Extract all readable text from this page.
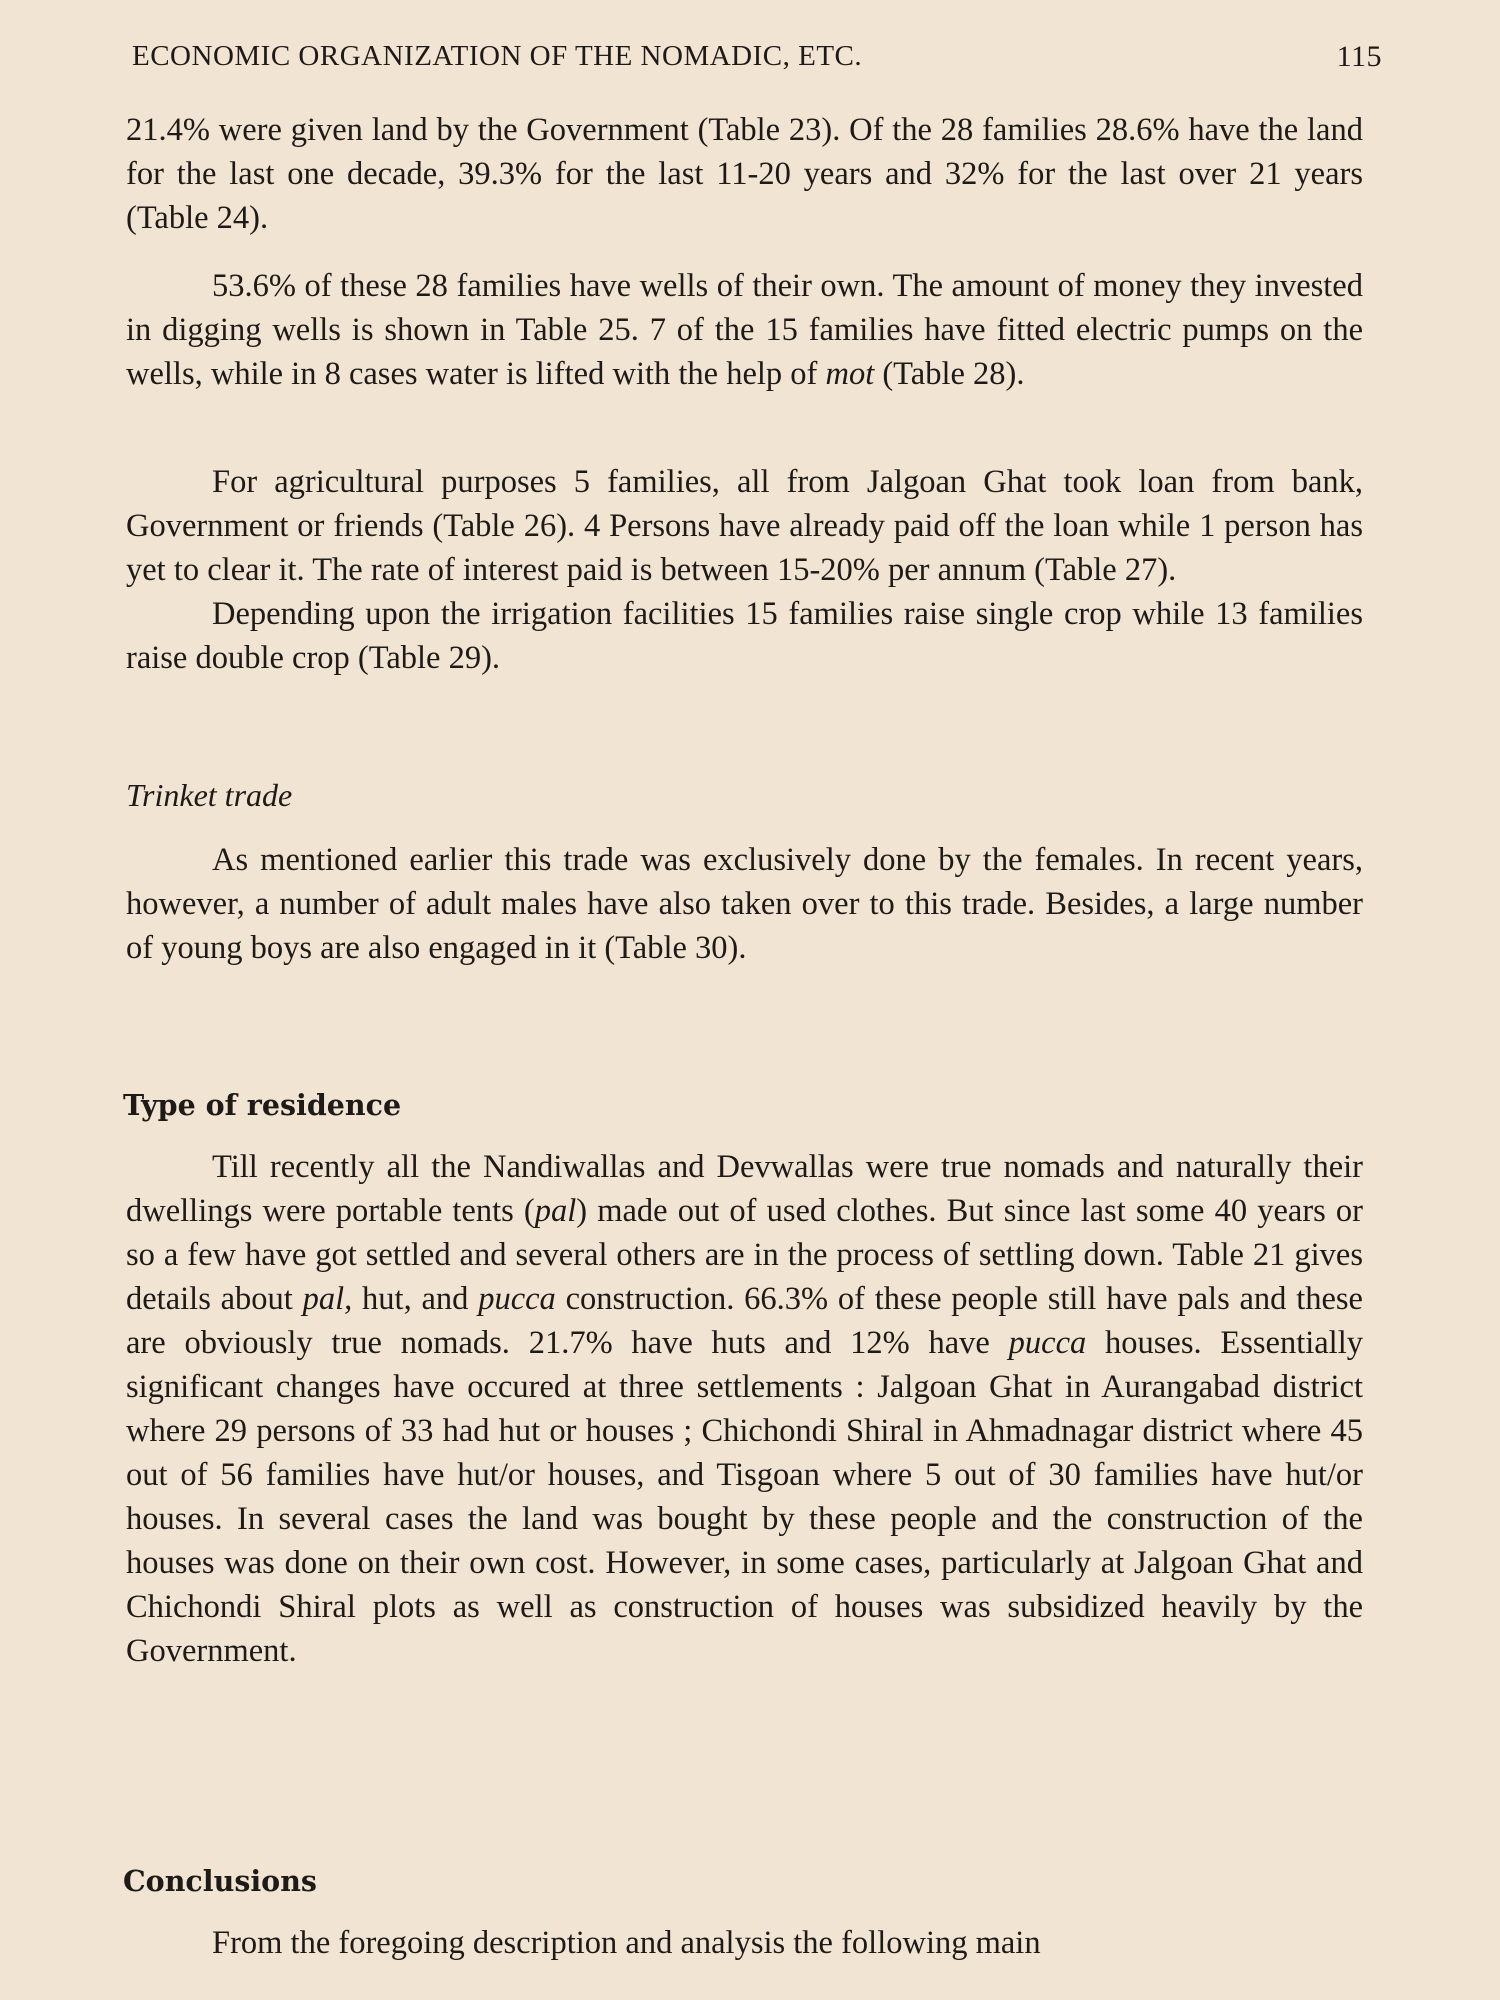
ECONOMIC ORGANIZATION OF THE NOMADIC, ETC.	115

21.4% were given land by the Government (Table 23). Of the 28 families 28.6% have the land for the last one decade, 39.3% for the last 11-20 years and 32% for the last over 21 years (Table 24).

53.6% of these 28 families have wells of their own. The amount of money they invested in digging wells is shown in Table 25. 7 of the 15 families have fitted electric pumps on the wells, while in 8 cases water is lifted with the help of mot (Table 28).

For agricultural purposes 5 families, all from Jalgoan Ghat took loan from bank, Government or friends (Table 26). 4 Persons have already paid off the loan while 1 person has yet to clear it. The rate of interest paid is between 15-20% per annum (Table 27).

Depending upon the irrigation facilities 15 families raise single crop while 13 families raise double crop (Table 29).

Trinket trade

As mentioned earlier this trade was exclusively done by the females. In recent years, however, a number of adult males have also taken over to this trade. Besides, a large number of young boys are also engaged in it (Table 30).

Type of residence

Till recently all the Nandiwallas and Devwallas were true nomads and naturally their dwellings were portable tents (pal) made out of used clothes. But since last some 40 years or so a few have got settled and several others are in the process of settling down. Table 21 gives details about pal, hut, and pucca construction. 66.3% of these people still have pals and these are obviously true nomads. 21.7% have huts and 12% have pucca houses. Essentially significant changes have occured at three settlements : Jalgoan Ghat in Aurangabad district where 29 persons of 33 had hut or houses ; Chichondi Shiral in Ahmadnagar district where 45 out of 56 families have hut/or houses, and Tisgoan where 5 out of 30 families have hut/or houses. In several cases the land was bought by these people and the construction of the houses was done on their own cost. However, in some cases, particularly at Jalgoan Ghat and Chichondi Shiral plots as well as construction of houses was subsidized heavily by the Government.

Conclusions

From the foregoing description and analysis the following main
